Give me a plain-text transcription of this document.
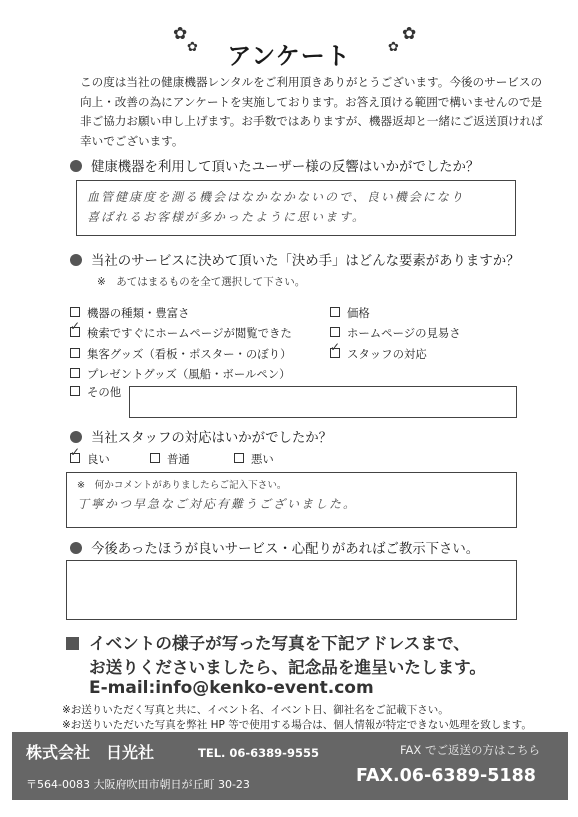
✿
✿	アンケート
✿
✿
この度は当社の健康機器レンタルをご利用頂きありがとうございます。今後のサービスの
向上・改善の為にアンケートを実施しております。お答え頂ける範囲で構いませんので是
非ご協力お願い申し上げます。お手数ではありますが、機器返却と一緒にご返送頂ければ
幸いでございます。
健康機器を利用して頂いたユーザー様の反響はいかがでしたか？
血管健康度を測る機会はなかなかないので、良い機会になり
喜ばれるお客様が多かったように思います。
当社のサービスに決めて頂いた「決め手」はどんな要素がありますか？
※　あてはまるものを全て選択して下さい。
機器の種類・豊富さ	価格
✓検索ですぐにホームページが閲覧できた	ホームページの見易さ
集客グッズ（看板・ポスター・のぼり）
✓	スタッフの対応
プレゼントグッズ（風船・ボールペン）
その他
当社スタッフの対応はいかがでしたか？
✓良い	普通	悪い
※　何かコメントがありましたらご記入下さい。
丁寧かつ早急なご対応有難うございました。
今後あったほうが良いサービス・心配りがあればご教示下さい。
イベントの様子が写った写真を下記アドレスまで、
お送りくださいましたら、記念品を進呈いたします。
E-mail:info@kenko-event.com
※お送りいただく写真と共に、イベント名、イベント日、御社名をご記載下さい。
※お送りいただいた写真を弊社 HP 等で使用する場合は、個人情報が特定できない処理を致します。
株式会社　日光社	TEL. 06-6389-9555
〒564-0083 大阪府吹田市朝日が丘町 30-23
FAX でご返送の方はこちら
FAX.06-6389-5188
